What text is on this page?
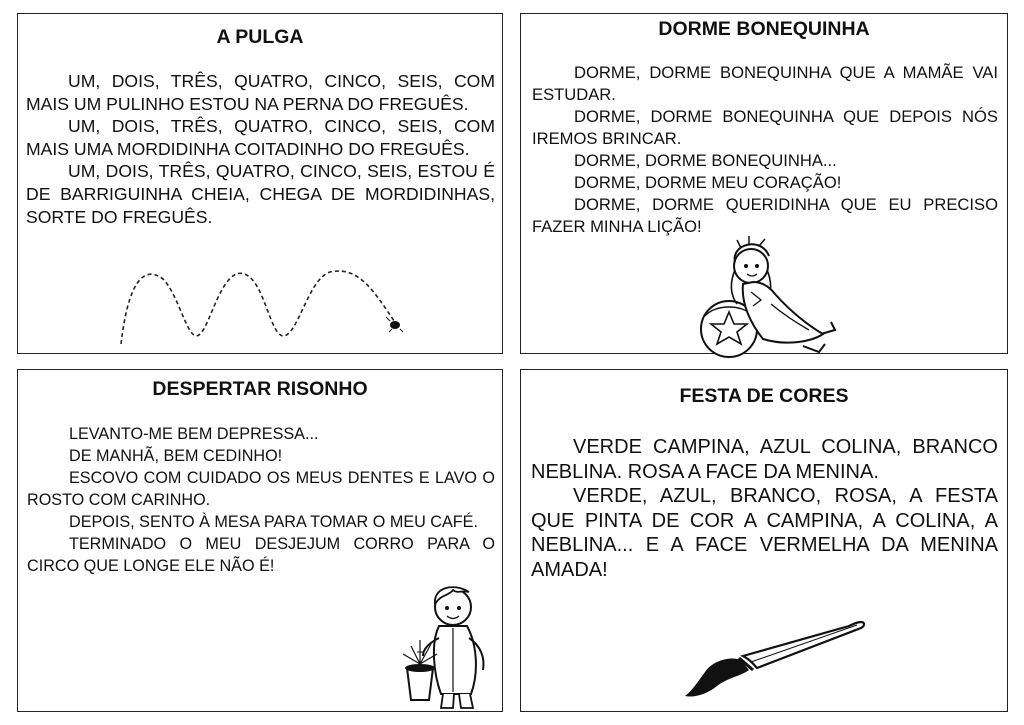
A PULGA

UM, DOIS, TRÊS, QUATRO, CINCO, SEIS, COM MAIS UM PULINHO ESTOU NA PERNA DO FREGUÊS.

UM, DOIS, TRÊS, QUATRO, CINCO, SEIS, COM MAIS UMA MORDIDINHA COITADINHO DO FREGUÊS.

UM, DOIS, TRÊS, QUATRO, CINCO, SEIS, ESTOU É DE BARRIGUINHA CHEIA, CHEGA DE MORDIDINHAS, SORTE DO FREGUÊS.

DORME BONEQUINHA

DORME, DORME BONEQUINHA QUE A MAMÃE VAI ESTUDAR.

DORME, DORME BONEQUINHA QUE DEPOIS NÓS IREMOS BRINCAR.

DORME, DORME BONEQUINHA...

DORME, DORME MEU CORAÇÃO!

DORME, DORME QUERIDINHA QUE EU PRECISO FAZER MINHA LIÇÃO!

DESPERTAR RISONHO

LEVANTO-ME BEM DEPRESSA...

DE MANHÃ, BEM CEDINHO!

ESCOVO COM CUIDADO OS MEUS DENTES E LAVO O ROSTO COM CARINHO.

DEPOIS, SENTO À MESA PARA TOMAR O MEU CAFÉ.

TERMINADO O MEU DESJEJUM CORRO PARA O CIRCO QUE LONGE ELE NÃO É!

FESTA DE CORES

VERDE CAMPINA, AZUL COLINA, BRANCO NEBLINA. ROSA A FACE DA MENINA.

VERDE, AZUL, BRANCO, ROSA, A FESTA QUE PINTA DE COR A CAMPINA, A COLINA, A NEBLINA... E A FACE VERMELHA DA MENINA AMADA!
